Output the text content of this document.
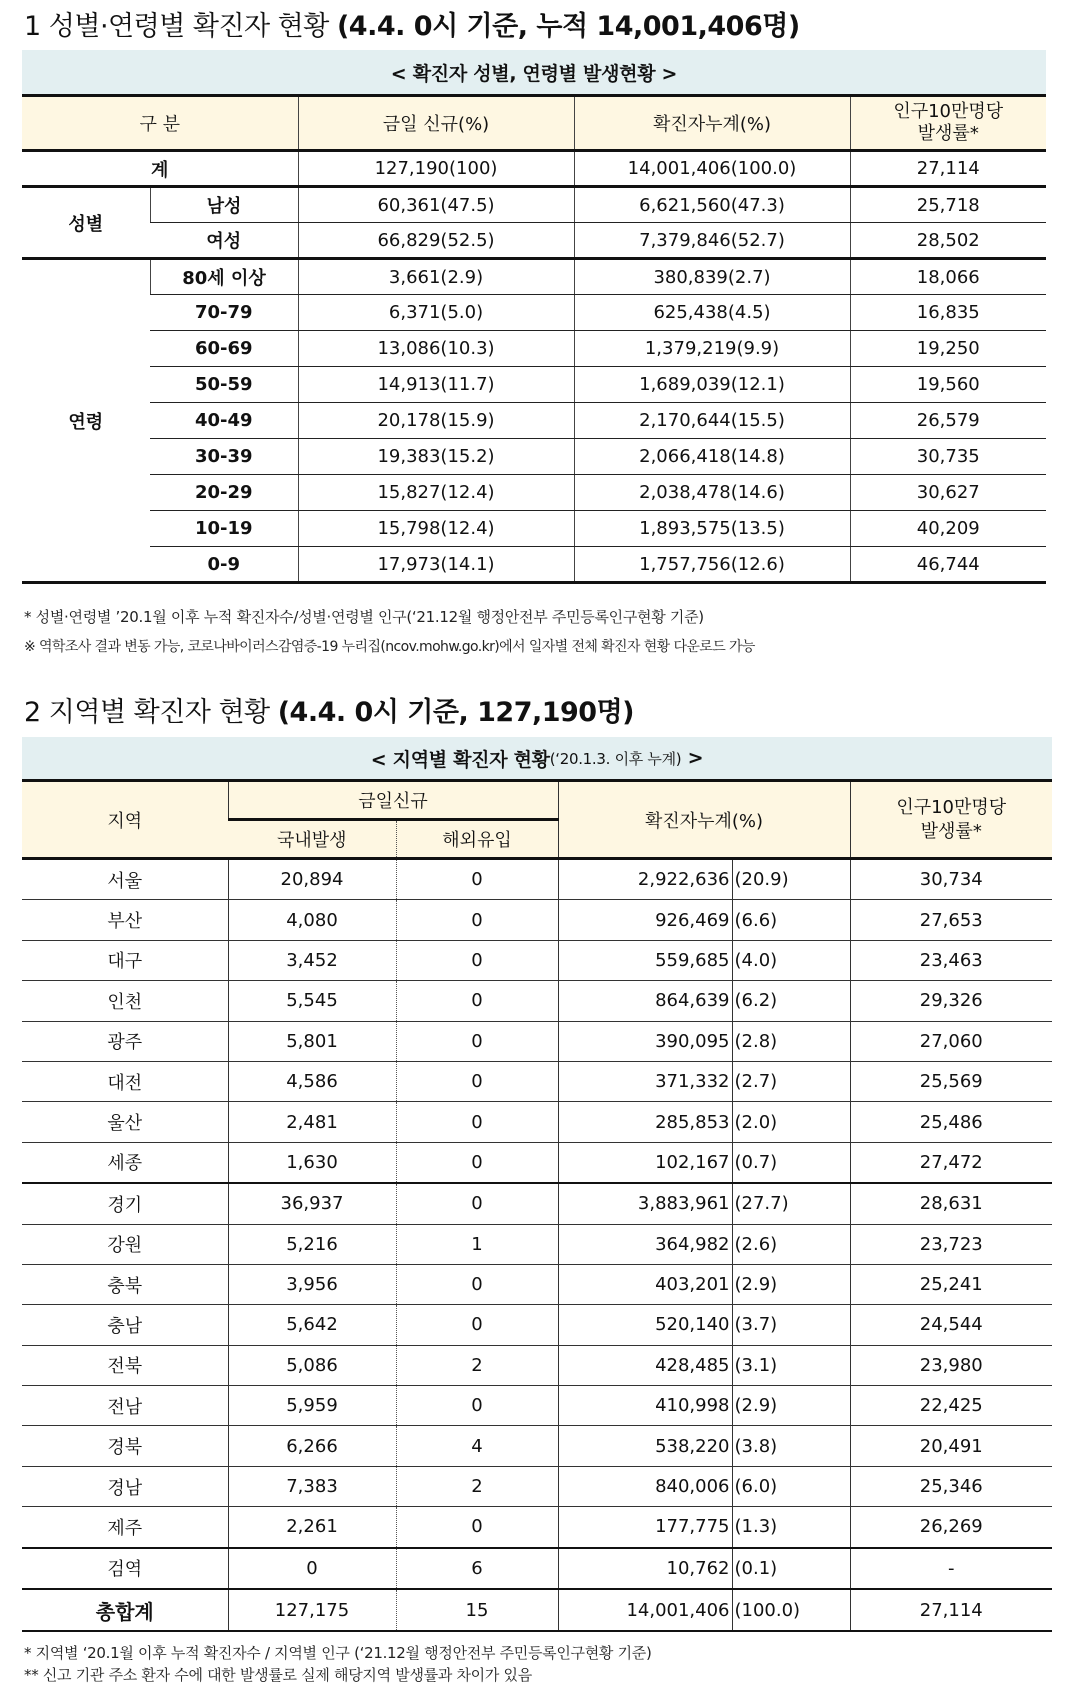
1 성별·연령별 확진자 현황 (4.4. 0시 기준, 누적 14,001,406명)
< 확진자 성별, 연령별 발생현황 >
구 분		금일 신규(%)	확진자누계(%)	인구10만명당
발생률*
계		127,190(100)	14,001,406(100.0)	27,114
성별	남성	60,361(47.5)	6,621,560(47.3)	25,718
	여성	66,829(52.5)	7,379,846(52.7)	28,502
연령	80세 이상	3,661(2.9)	380,839(2.7)	18,066
	70-79	6,371(5.0)	625,438(4.5)	16,835
	60-69	13,086(10.3)	1,379,219(9.9)	19,250
	50-59	14,913(11.7)	1,689,039(12.1)	19,560
	40-49	20,178(15.9)	2,170,644(15.5)	26,579
	30-39	19,383(15.2)	2,066,418(14.8)	30,735
	20-29	15,827(12.4)	2,038,478(14.6)	30,627
	10-19	15,798(12.4)	1,893,575(13.5)	40,209
	0-9	17,973(14.1)	1,757,756(12.6)	46,744
* 성별·연령별 ’20.1월 이후 누적 확진자수/성별·연령별 인구(‘21.12월 행정안전부 주민등록인구현황 기준)
※ 역학조사 결과 변동 가능, 코로나바이러스감염증-19 누리집(ncov.mohw.go.kr)에서 일자별 전체 확진자 현황 다운로드 가능
2 지역별 확진자 현황 (4.4. 0시 기준, 127,190명)
< 지역별 확진자 현황 (‘20.1.3. 이후 누계) >
지역	금일신규		확진자누계(%)		인구10만명당
발생률*
	국내발생	해외유입			
서울	20,894	0	2,922,636	(20.9)	30,734
부산	4,080	0	926,469	(6.6)	27,653
대구	3,452	0	559,685	(4.0)	23,463
인천	5,545	0	864,639	(6.2)	29,326
광주	5,801	0	390,095	(2.8)	27,060
대전	4,586	0	371,332	(2.7)	25,569
울산	2,481	0	285,853	(2.0)	25,486
세종	1,630	0	102,167	(0.7)	27,472
경기	36,937	0	3,883,961	(27.7)	28,631
강원	5,216	1	364,982	(2.6)	23,723
충북	3,956	0	403,201	(2.9)	25,241
충남	5,642	0	520,140	(3.7)	24,544
전북	5,086	2	428,485	(3.1)	23,980
전남	5,959	0	410,998	(2.9)	22,425
경북	6,266	4	538,220	(3.8)	20,491
경남	7,383	2	840,006	(6.0)	25,346
제주	2,261	0	177,775	(1.3)	26,269
검역	0	6	10,762	(0.1)	-
총합계	127,175	15	14,001,406	(100.0)	27,114
* 지역별 ‘20.1월 이후 누적 확진자수 / 지역별 인구 (‘21.12월 행정안전부 주민등록인구현황 기준)
** 신고 기관 주소 환자 수에 대한 발생률로 실제 해당지역 발생률과 차이가 있음
